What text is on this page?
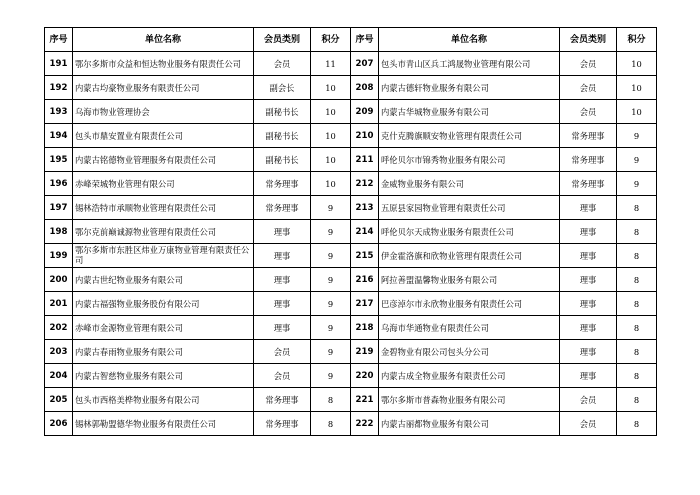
序号	单位名称	会员类别	积分	序号	单位名称	会员类别	积分
191	鄂尔多斯市众益和恒达物业服务有限责任公司	会员	11	207	包头市青山区兵工鸿晟物业管理有限公司	会员	10
192	内蒙古均豪物业服务有限责任公司	副会长	10	208	内蒙古德轩物业服务有限公司	会员	10
193	乌海市物业管理协会	副秘书长	10	209	内蒙古华城物业服务有限公司	会员	10
194	包头市鼎安置业有限责任公司	副秘书长	10	210	克什克腾旗顺安物业管理有限责任公司	常务理事	9
195	内蒙古铭德物业管理服务有限责任公司	副秘书长	10	211	呼伦贝尔市锦秀物业服务有限公司	常务理事	9
196	赤峰荣城物业管理有限公司	常务理事	10	212	金威物业服务有限公司	常务理事	9
197	锡林浩特市承顺物业管理有限责任公司	常务理事	9	213	五原县家园物业管理有限责任公司	理事	8
198	鄂尔克前巅诚源物业管理有限责任公司	理事	9	214	呼伦贝尔天成物业服务有限责任公司	理事	8
199	鄂尔多斯市东胜区炜业万康物业管理有限责任公司	理事	9	215	伊金霍洛旗和欣物业管理有限责任公司	理事	8
200	内蒙古世纪物业服务有限公司	理事	9	216	阿拉善盟温馨物业服务有限公司	理事	8
201	内蒙古福强物业服务股份有限公司	理事	9	217	巴彦淖尔市永欣物业服务有限责任公司	理事	8
202	赤峰市金源物业管理有限公司	理事	9	218	乌海市华通物业有限责任公司	理事	8
203	内蒙古春雨物业服务有限公司	会员	9	219	金碧物业有限公司包头分公司	理事	8
204	内蒙古智慈物业服务有限公司	会员	9	220	内蒙古成全物业服务有限责任公司	理事	8
205	包头市西格美桦物业服务有限公司	常务理事	8	221	鄂尔多斯市普森物业服务有限公司	会员	8
206	锡林郭勒盟德华物业服务有限责任公司	常务理事	8	222	内蒙古丽都物业服务有限公司	会员	8
